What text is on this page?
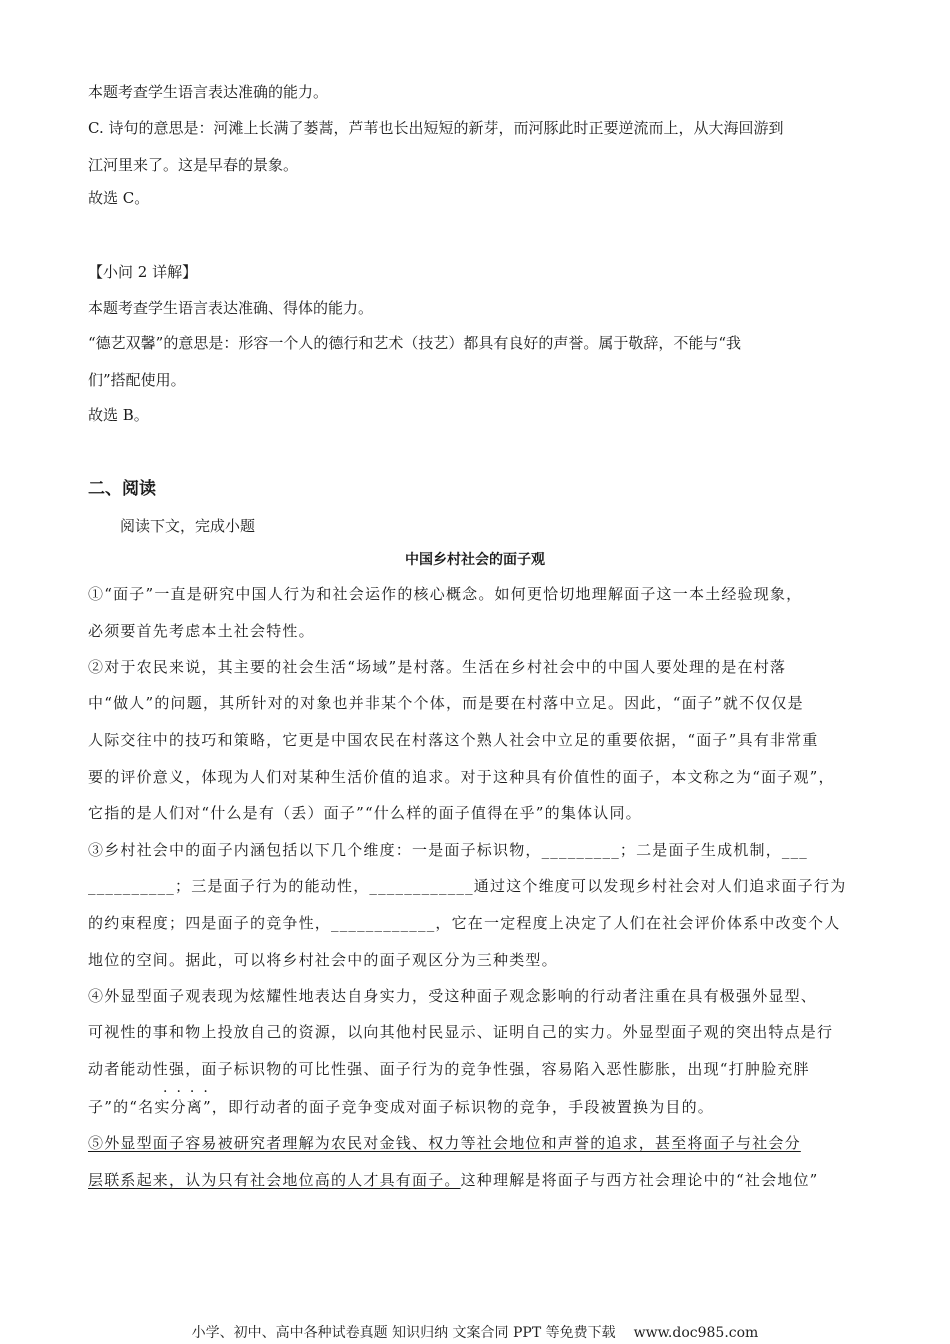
本题考查学生语言表达准确的能力。
C. 诗句的意思是：河滩上长满了蒌蒿，芦苇也长出短短的新芽，而河豚此时正要逆流而上，从大海回游到
江河里来了。这是早春的景象。
故选 C。
【小问 2 详解】
本题考查学生语言表达准确、得体的能力。
“德艺双馨”的意思是：形容一个人的德行和艺术（技艺）都具有良好的声誉。属于敬辞，不能与“我
们”搭配使用。
故选 B。
二、阅读
阅读下文，完成小题
中国乡村社会的面子观
①“面子”一直是研究中国人行为和社会运作的核心概念。如何更恰切地理解面子这一本土经验现象，
必须要首先考虑本土社会特性。
②对于农民来说，其主要的社会生活“场域”是村落。生活在乡村社会中的中国人要处理的是在村落
中“做人”的问题，其所针对的对象也并非某个个体，而是要在村落中立足。因此，“面子”就不仅仅是
人际交往中的技巧和策略，它更是中国农民在村落这个熟人社会中立足的重要依据，“面子”具有非常重
要的评价意义，体现为人们对某种生活价值的追求。对于这种具有价值性的面子，本文称之为“面子观”，
它指的是人们对“什么是有（丢）面子”“什么样的面子值得在乎”的集体认同。
③乡村社会中的面子内涵包括以下几个维度：一是面子标识物，_________；二是面子生成机制，___
__________；三是面子行为的能动性，____________通过这个维度可以发现乡村社会对人们追求面子行为
的约束程度；四是面子的竞争性，____________，它在一定程度上决定了人们在社会评价体系中改变个人
地位的空间。据此，可以将乡村社会中的面子观区分为三种类型。
④外显型面子观表现为炫耀性地表达自身实力，受这种面子观念影响的行动者注重在具有极强外显型、
可视性的事和物上投放自己的资源，以向其他村民显示、证明自己的实力。外显型面子观的突出特点是行
动者能动性强，面子标识物的可比性强、面子行为的竞争性强，容易陷入恶性膨胀，出现“打肿脸充胖
····
子”的“名实分离”，即行动者的面子竞争变成对面子标识物的竞争，手段被置换为目的。
⑤外显型面子容易被研究者理解为农民对金钱、权力等社会地位和声誉的追求，甚至将面子与社会分
层联系起来，认为只有社会地位高的人才具有面子。这种理解是将面子与西方社会理论中的“社会地位”
小学、初中、高中各种试卷真题 知识归纳 文案合同 PPT 等免费下载 www.doc985.com
